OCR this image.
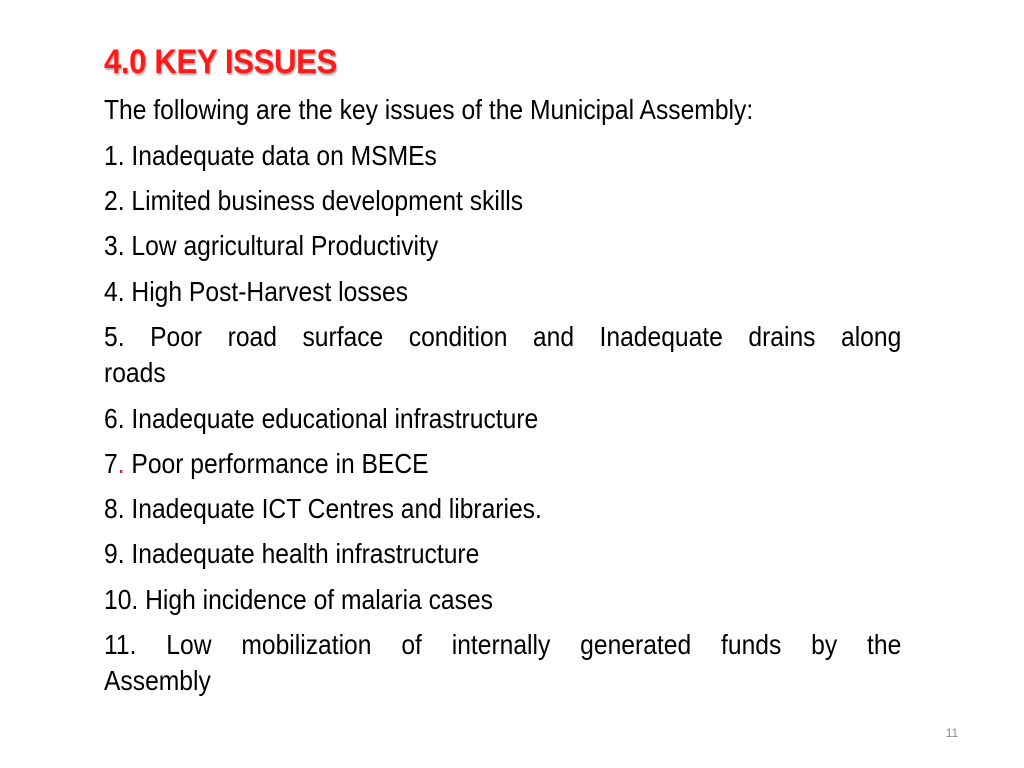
4.0 KEY ISSUES
The following are the key issues of the Municipal Assembly:
1. Inadequate data on MSMEs
2. Limited business development skills
3. Low agricultural Productivity
4. High Post-Harvest losses
5. Poor road surface condition and Inadequate drains along
roads
6. Inadequate educational infrastructure
7. Poor performance in BECE
8. Inadequate ICT Centres and libraries.
9. Inadequate health infrastructure
10. High incidence of malaria cases
11. Low mobilization of internally generated funds by the
Assembly
11
